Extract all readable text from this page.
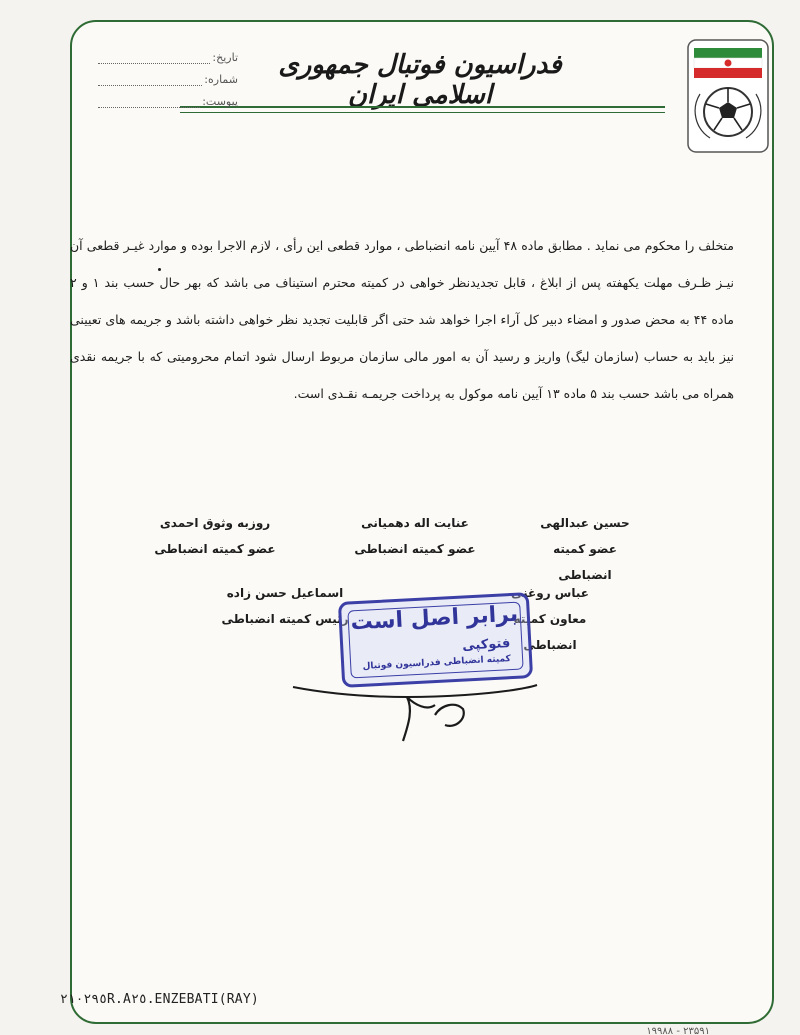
فدراسیون فوتبال جمهوری اسلامی ایران
تاریخ:
شماره:
پیوست:

متخلف را محکوم می نماید . مطابق ماده ۴۸ آیین نامه انضباطی ، موارد قطعی این رأی ، لازم الاجرا بوده و موارد غیـر قطعی آن نیـز ظـرف مهلت یکهفته پس از ابلاغ ، قابل تجدیدنظر خواهی در کمیته محترم استیناف می باشد که بهر حال حسب بند ۱ و ۲ ماده ۴۴ به محض صدور و امضاء دبیر کل آراء اجرا خواهد شد حتی اگر قابلیت تجدید نظر خواهی داشته باشد و جریمه های تعیینی نیز باید به حساب (سازمان لیگ) واریز و رسید آن به امور مالی سازمان مربوط ارسال شود اتمام محرومیتی که با جریمه نقدی همراه می باشد حسب بند ۵ ماده ۱۳ آیین نامه موکول به پرداخت جریمـه نقـدی است.

حسین عبدالهی
عضو کمیته انضباطی
عنایت اله دهمیانی
عضو کمیته انضباطی
روزبه وثوق احمدی
عضو کمیته انضباطی
عباس روغنی
معاون کمیته انضباطی
اسماعیل حسن زاده
رئیس کمیته انضباطی برابر اصل است
فتوکپی
کمیته انضباطی فدراسیون فوتبال
٢١٠٢٩٥R.A٢٥.ENZEBATI(RAY)
۲۳۵۹۱ - ۱۹۹۸۸
